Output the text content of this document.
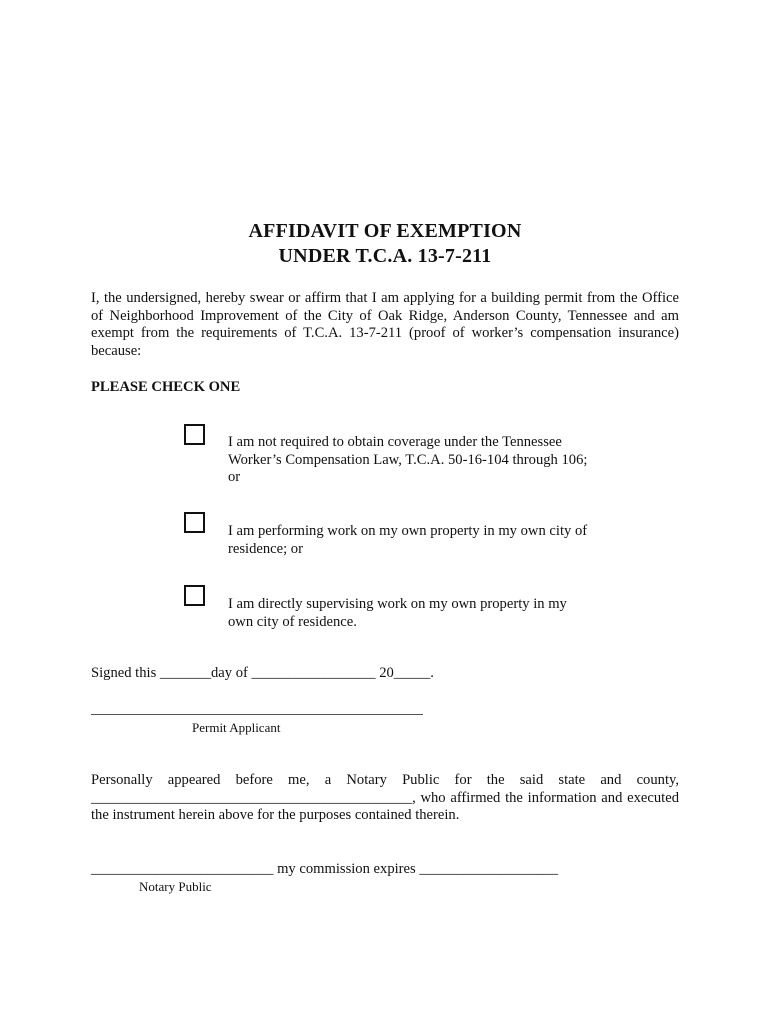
AFFIDAVIT OF EXEMPTION
UNDER T.C.A. 13-7-211
I, the undersigned, hereby swear or affirm that I am applying for a building permit from the Office of Neighborhood Improvement of the City of Oak Ridge, Anderson County, Tennessee and am exempt from the requirements of T.C.A. 13-7-211 (proof of worker’s compensation insurance) because:
PLEASE CHECK ONE
I am not required to obtain coverage under the Tennessee Worker’s Compensation Law, T.C.A. 50-16-104 through 106; or
I am performing work on my own property in my own city of residence; or
I am directly supervising work on my own property in my own city of residence.
Signed this _______day of _________________ 20_____.
Permit Applicant
Personally appeared before me, a Notary Public for the said state and county, ____________________________________________, who affirmed the information and executed the instrument herein above for the purposes contained therein.
_________________________ my commission expires ___________________
Notary Public
